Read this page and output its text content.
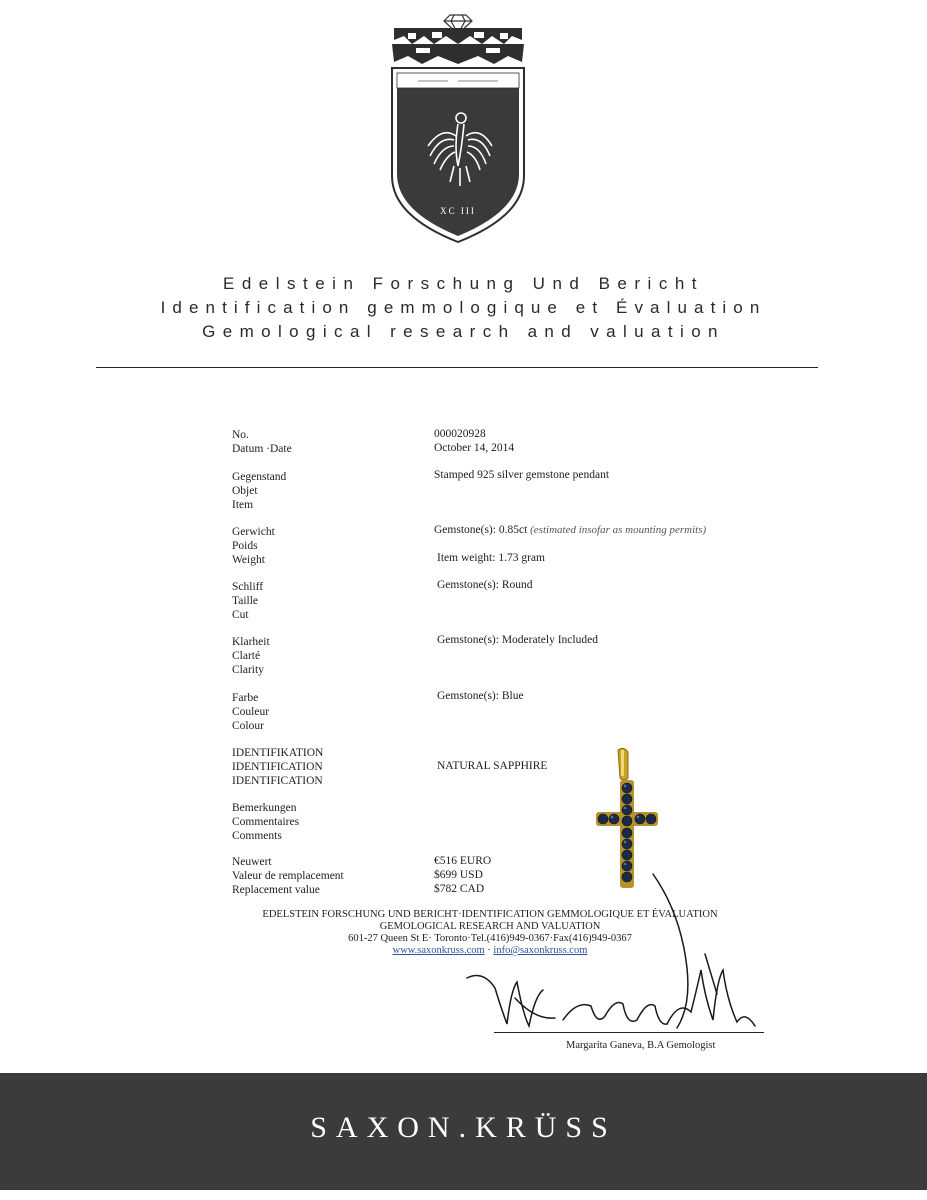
XC III
Edelstein Forschung Und Bericht
Identification gemmologique et Évaluation
Gemological research and valuation
No.
Datum ·Date
Gegenstand
Objet
Item
Gerwicht
Poids
Weight
Schliff
Taille
Cut
Klarheit
Clarté
Clarity
Farbe
Couleur
Colour
IDENTIFIKATION
IDENTIFICATION
IDENTIFICATION
Bemerkungen
Commentaires
Comments
Neuwert
Valeur de remplacement
Replacement value
000020928
October 14, 2014
Stamped 925 silver gemstone pendant
Gemstone(s): 0.85ct (estimated insofar as mounting permits)
Item weight: 1.73 gram
Gemstone(s): Round
Gemstone(s): Moderately Included
Gemstone(s): Blue
NATURAL SAPPHIRE
€516 EURO
$699 USD
$782 CAD
EDELSTEIN FORSCHUNG UND BERICHT·IDENTIFICATION GEMMOLOGIQUE ET ÉVALUATION
GEMOLOGICAL RESEARCH AND VALUATION
601-27 Queen St E· Toronto·Tel.(416)949-0367·Fax(416)949-0367
www.saxonkruss.com · info@saxonkruss.com
Margarita Ganeva, B.A Gemologist
SAXON.KRÜSS
